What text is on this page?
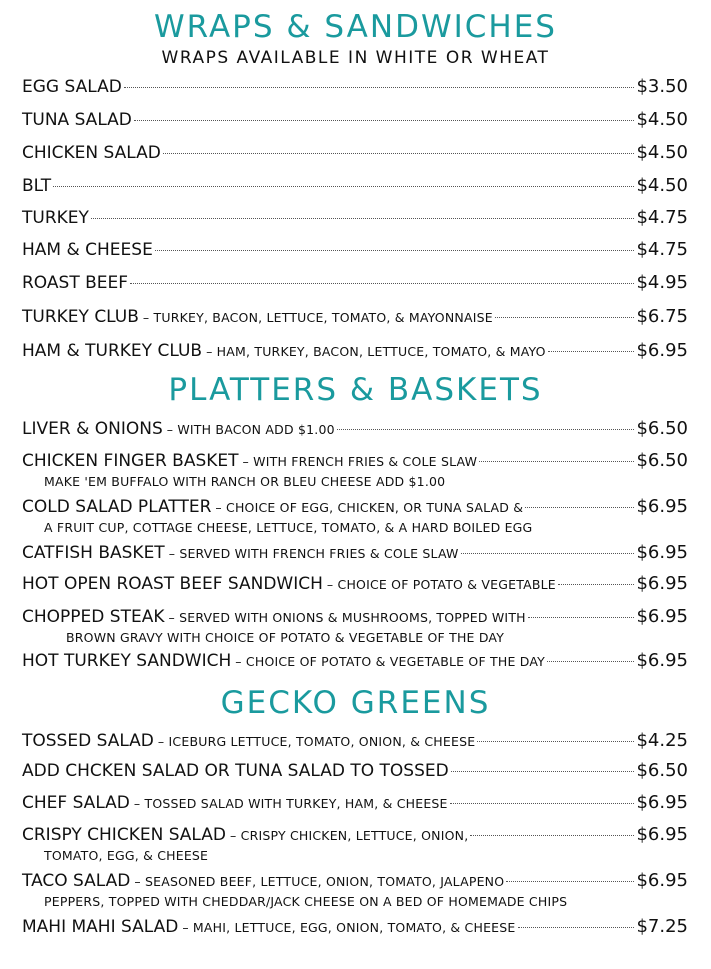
WRAPS & SANDWICHES
WRAPS AVAILABLE IN WHITE OR WHEAT
EGG SALAD	$3.50
TUNA SALAD	$4.50
CHICKEN SALAD	$4.50
BLT	$4.50
TURKEY	$4.75
HAM & CHEESE	$4.75
ROAST BEEF	$4.95
TURKEY CLUB – TURKEY, BACON, LETTUCE, TOMATO, & MAYONNAISE	$6.75
HAM & TURKEY CLUB – HAM, TURKEY, BACON, LETTUCE, TOMATO, & MAYO	$6.95
PLATTERS & BASKETS
LIVER & ONIONS – WITH BACON ADD $1.00	$6.50
CHICKEN FINGER BASKET – WITH FRENCH FRIES & COLE SLAW	$6.50
MAKE 'EM BUFFALO WITH RANCH OR BLEU CHEESE ADD $1.00
COLD SALAD PLATTER – CHOICE OF EGG, CHICKEN, OR TUNA SALAD &	$6.95
A FRUIT CUP, COTTAGE CHEESE, LETTUCE, TOMATO, & A HARD BOILED EGG
CATFISH BASKET – SERVED WITH FRENCH FRIES & COLE SLAW	$6.95
HOT OPEN ROAST BEEF SANDWICH – CHOICE OF POTATO & VEGETABLE	$6.95
CHOPPED STEAK – SERVED WITH ONIONS & MUSHROOMS, TOPPED WITH	$6.95
BROWN GRAVY WITH CHOICE OF POTATO & VEGETABLE OF THE DAY
HOT TURKEY SANDWICH – CHOICE OF POTATO & VEGETABLE OF THE DAY	$6.95
GECKO GREENS
TOSSED SALAD – ICEBURG LETTUCE, TOMATO, ONION, & CHEESE	$4.25
ADD CHCKEN SALAD OR TUNA SALAD TO TOSSED	$6.50
CHEF SALAD – TOSSED SALAD WITH TURKEY, HAM, & CHEESE	$6.95
CRISPY CHICKEN SALAD – CRISPY CHICKEN, LETTUCE, ONION,	$6.95
TOMATO, EGG, & CHEESE
TACO SALAD – SEASONED BEEF, LETTUCE, ONION, TOMATO, JALAPENO	$6.95
PEPPERS, TOPPED WITH CHEDDAR/JACK CHEESE ON A BED OF HOMEMADE CHIPS
MAHI MAHI SALAD – MAHI, LETTUCE, EGG, ONION, TOMATO, & CHEESE	$7.25
